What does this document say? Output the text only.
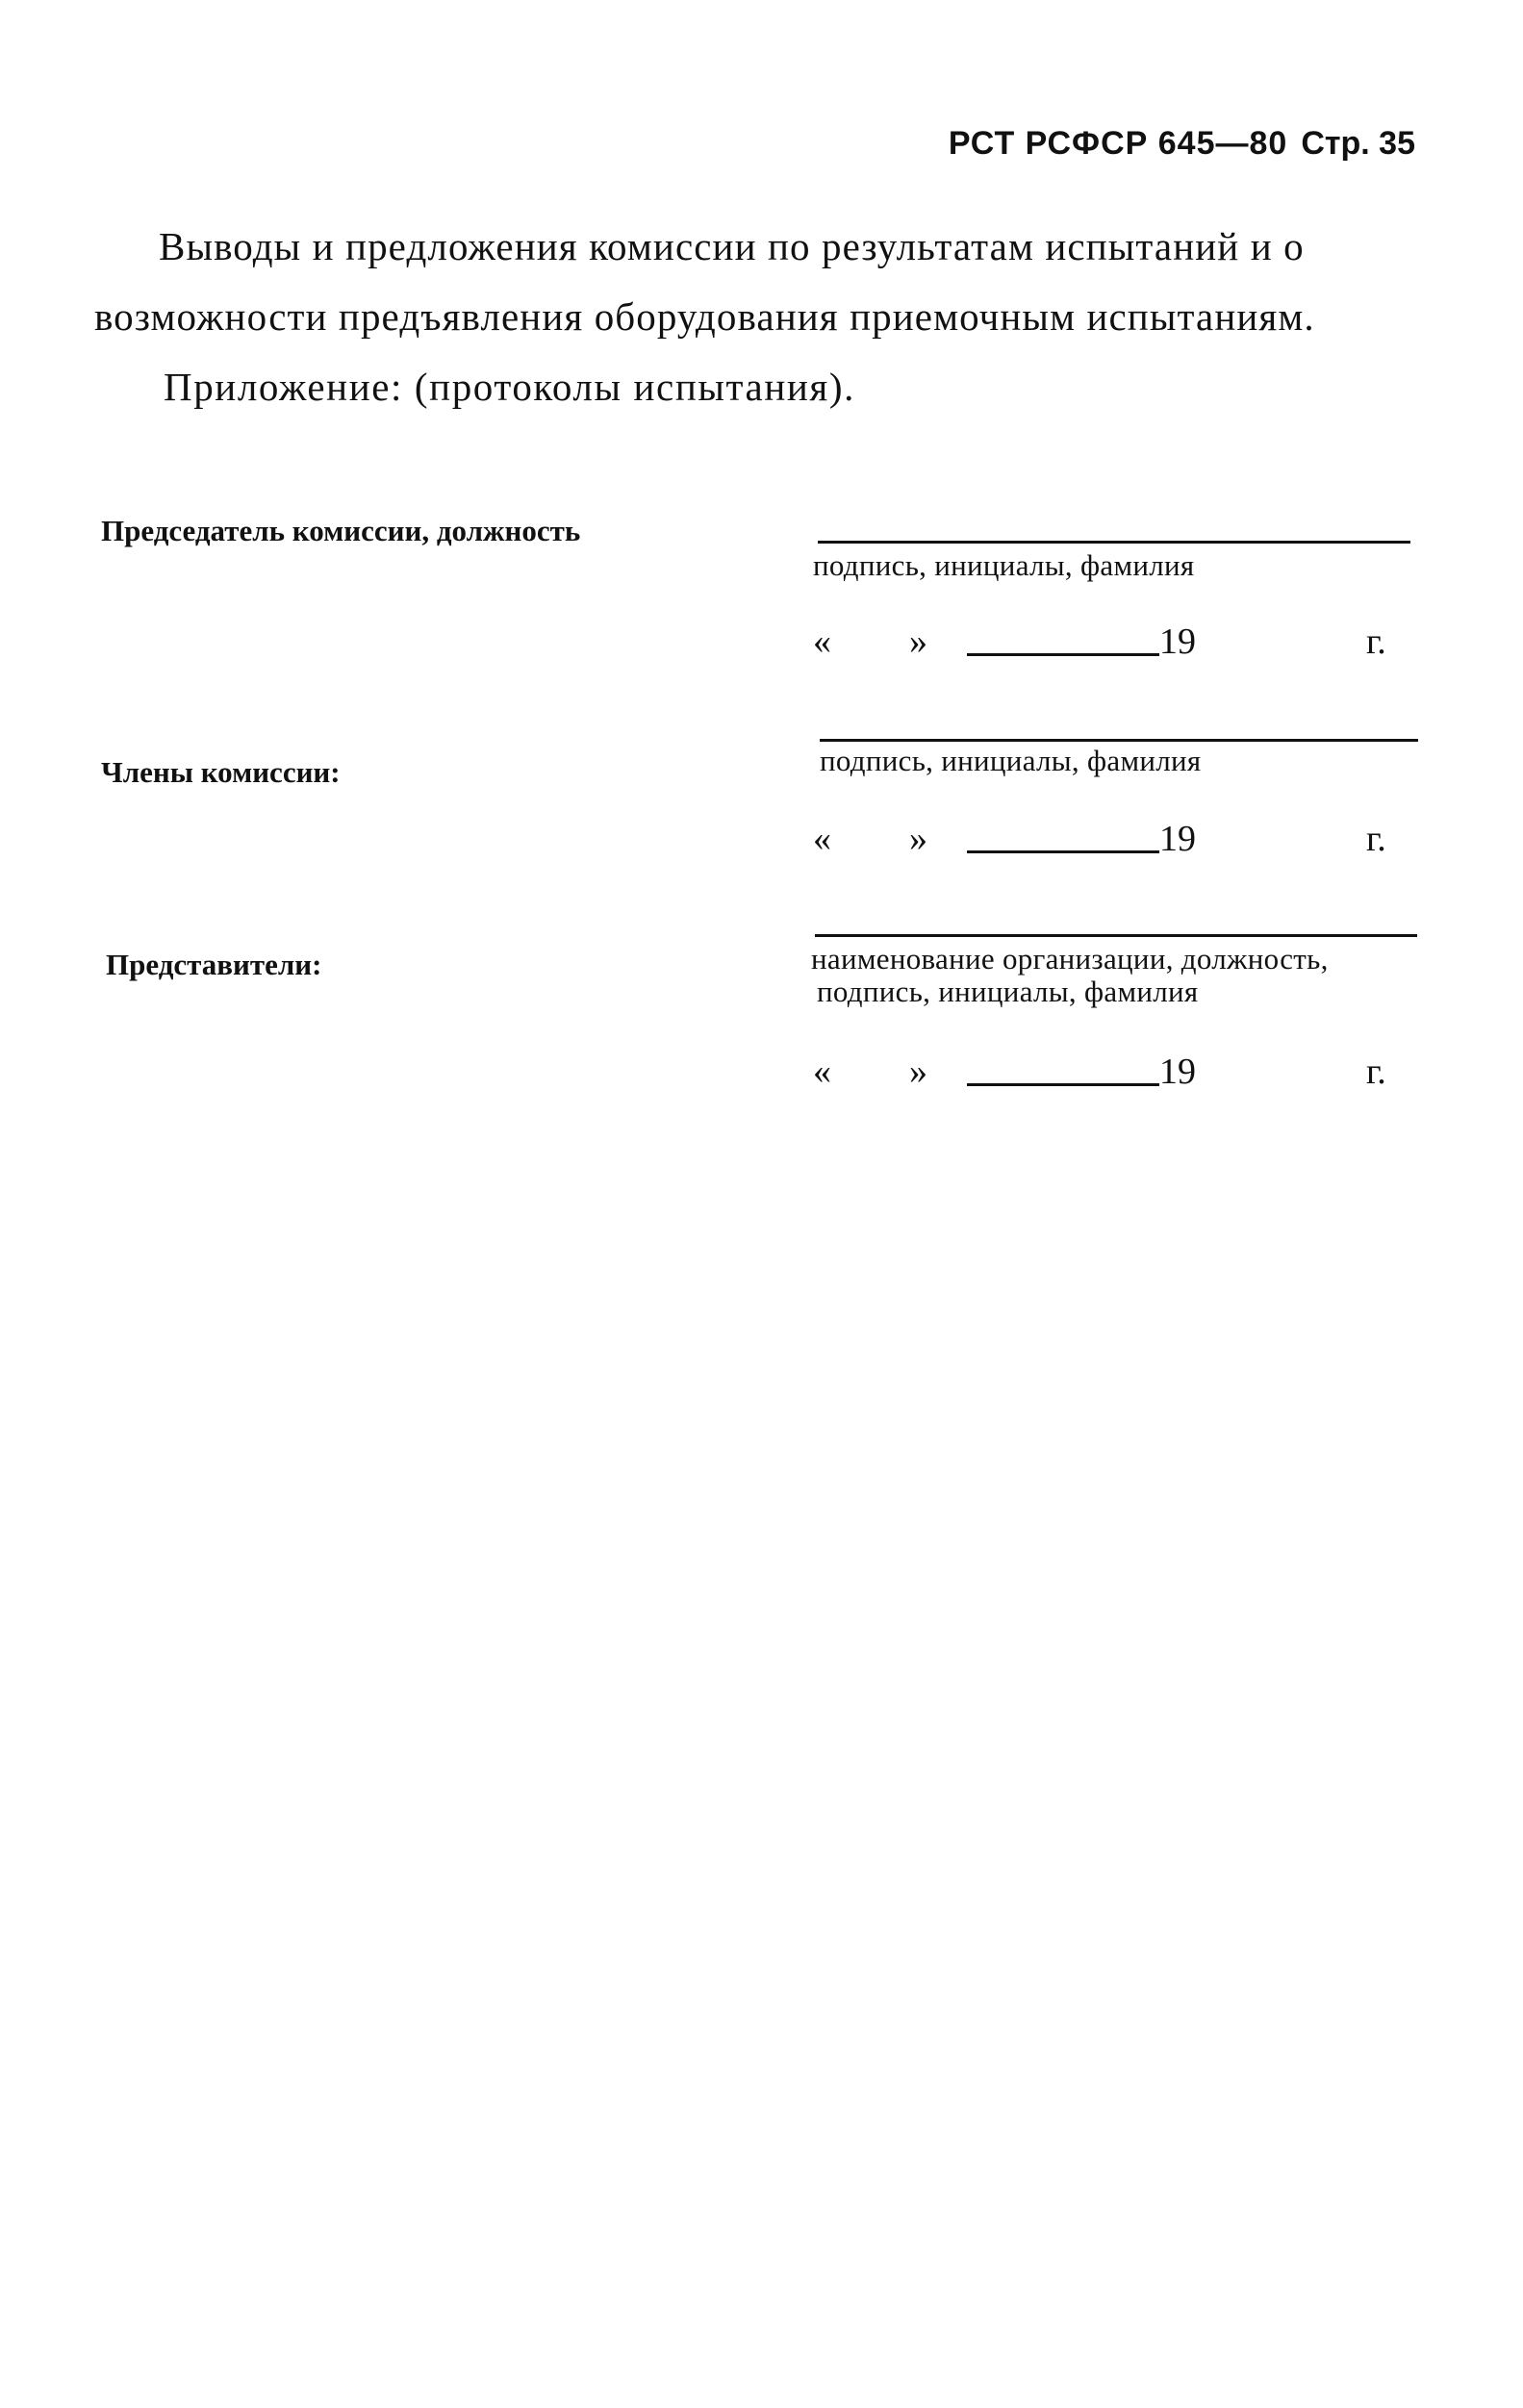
РСТ РСФСР 645—80 Стр. 35
Выводы и предложения комиссии по результатам испытаний и о
возможности предъявления оборудования приемочным испытаниям.
Приложение: (протоколы испытания).
Председатель комиссии, должность
подпись, инициалы, фамилия
« »	19	г.
Члены комиссии:	подпись, инициалы, фамилия
« »	19	г.
Представители:	наименование организации, должность,
подпись, инициалы, фамилия
« »	19	г.
